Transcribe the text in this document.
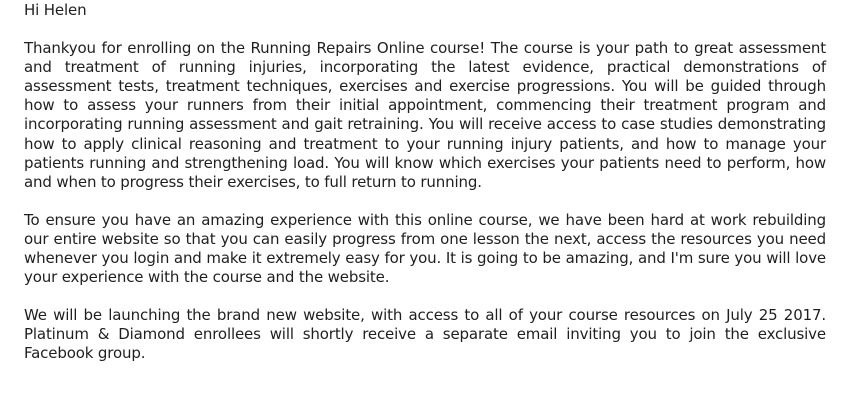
Hi Helen

Thankyou for enrolling on the Running Repairs Online course! The course is your path to great assessment and treatment of running injuries, incorporating the latest evidence, practical demonstrations of assessment tests, treatment techniques, exercises and exercise progressions. You will be guided through how to assess your runners from their initial appointment, commencing their treatment program and incorporating running assessment and gait retraining. You will receive access to case studies demonstrating how to apply clinical reasoning and treatment to your running injury patients, and how to manage your patients running and strengthening load. You will know which exercises your patients need to perform, how and when to progress their exercises, to full return to running.

To ensure you have an amazing experience with this online course, we have been hard at work rebuilding our entire website so that you can easily progress from one lesson the next, access the resources you need whenever you login and make it extremely easy for you. It is going to be amazing, and I'm sure you will love your experience with the course and the website.

We will be launching the brand new website, with access to all of your course resources on July 25 2017. Platinum & Diamond enrollees will shortly receive a separate email inviting you to join the exclusive Facebook group.
